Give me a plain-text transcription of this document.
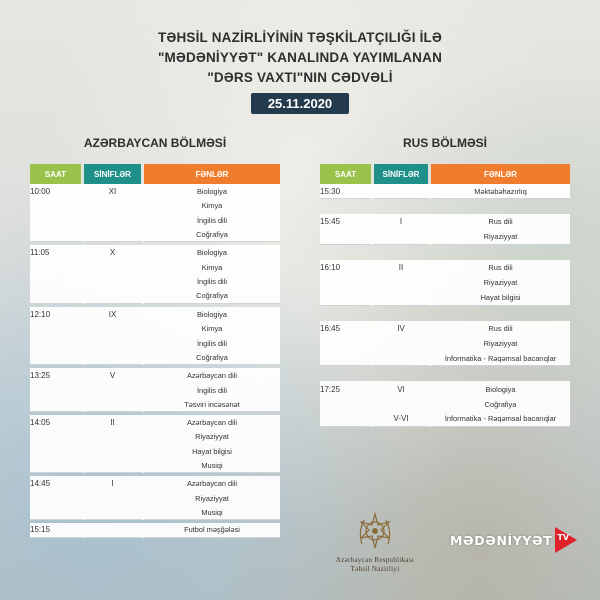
TƏHSİL NAZİRLİYİNİN TƏŞKİLATÇILIĞI İLƏ
"MƏDƏNİYYƏT" KANALINDA YAYIMLANAN
"DƏRS VAXTI"NIN CƏDVƏLİ
25.11.2020
AZƏRBAYCAN BÖLMƏSİ	RUS BÖLMƏSİ
SAAT	SİNİFLƏR	FƏNLƏR
10:00	XI	Biologiya
		Kimya
		İngilis dili
		Coğrafiya

11:05	X	Biologiya
		Kimya
		İngilis dili
		Coğrafiya

12:10	IX	Biologiya
		Kimya
		İngilis dili
		Coğrafiya

13:25	V	Azərbaycan dili
		İngilis dili
		Təsviri incəsənət

14:05	II	Azərbaycan dili
		Riyaziyyat
		Hayat bilgisi
		Musiqi

14:45	I	Azərbaycan dili
		Riyaziyyat
		Musiqi

15:15		Futbol məşğələsi
SAAT	SİNİFLƏR	FƏNLƏR
15:30		Məktəbəhazırlıq

15:45	I	Rus dili
		Riyaziyyat

16:10	II	Rus dili
		Riyaziyyat
		Hayat bilgisi

16:45	IV	Rus dili
		Riyaziyyat
		İnformatika - Rəqəmsal bacarıqlar

17:25	VI	Biologiya
		Coğrafiya
	V-VI	İnformatika - Rəqəmsal bacarıqlar
Azərbaycan Respublikası
Təhsil Nazirliyi
MƏDƏNİYYƏT TV
